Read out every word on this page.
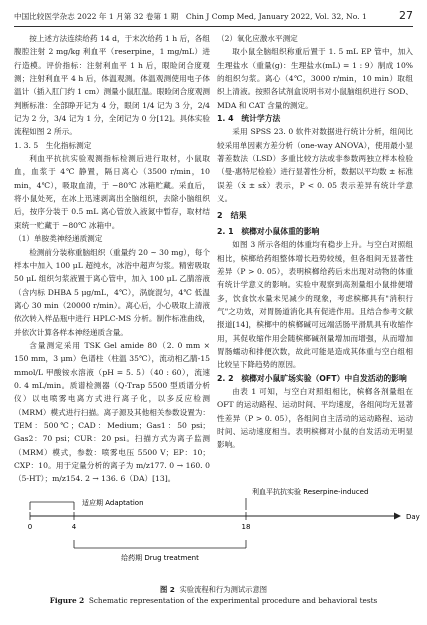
中国比较医学杂志 2022 年 1 月第 32 卷第 1 期　Chin J Comp Med, January 2022, Vol. 32, No. 1	27

按上述方法连续给药 14 d，于末次给药 1 h 后，各组腹腔注射 2 mg/kg 利血平（reserpine，1 mg/mL）进行造模。评价指标：注射利血平 1 h 后，眼睑闭合度观测；注射利血平 4 h 后，体温观测。体温观测使用电子体温计（插入肛门约 1 cm）测量小鼠肛温。眼睑闭合度观测判断标准：全部睁开记为 4 分，眼闭 1/4 记为 3 分，2/4 记为 2 分，3/4 记为 1 分，全闭记为 0 分[12]。具体实验流程如图 2 所示。

1. 3. 5　生化指标测定

利血平抗抗实验观测指标检测后进行取材，小鼠取血，血浆于 4℃ 静置，隔日离心（3500 r/min，10 min，4℃），吸取血清，于 −80℃ 冰箱贮藏。采血后，将小鼠处死，在冰上迅速剥离出全脑组织，去除小脑组织后，按序分装于 0.5 mL 离心管放入液氮中暂存，取材结束统一贮藏于 −80℃ 冰箱中。

（1）单胺类神经递质测定

检测前分装称重脑组织（重量约 20 ~ 30 mg），每个样本中加入 100 μL 超纯水，冰浴中超声匀浆。精密吸取 50 μL 组织匀浆液置于离心管中，加入 100 μL 乙腈溶液（含内标 DHBA 5 μg/mL，4℃），涡旋混匀，4℃ 低温离心 30 min（20000 r/min）。离心后，小心吸取上清液依次转入样品瓶中进行 HPLC-MS 分析。制作标准曲线，并依次计算各样本神经递质含量。

含量测定采用 TSK Gel amide 80（2. 0 mm × 150 mm，3 μm）色谱柱（柱温 35℃），流动相乙腈-15 mmol/L 甲酸铵水溶液（pH = 5. 5）（40 : 60），流速 0. 4 mL/min。质谱检测器（Q-Trap 5500 型质谱分析仪）以电喷雾电离方式进行离子化，以多反应检测（MRM）模式进行扫描。离子源及其他相关参数设置为：TEM：500℃；CAD：Medium；Gas1：50 psi；Gas2：70 psi；CUR：20 psi。扫描方式为离子监测（MRM）模式，参数：喷雾电压 5500 V；EP：10；CXP：10。用于定量分析的离子为 m/z177. 0 → 160. 0（5-HT）；m/z154. 2 → 136. 6（DA）[13]。

（2）氧化应激水平测定

取小鼠全脑组织称重后置于 1. 5 mL EP 管中，加入生理盐水（重量(g)：生理盐水(mL) = 1 : 9）制成 10% 的组织匀浆。离心（4℃，3000 r/min，10 min）取组织上清液。按照各试剂盒说明书对小鼠脑组织进行 SOD、MDA 和 CAT 含量的测定。

1. 4　统计学方法

采用 SPSS 23. 0 软件对数据进行统计分析，组间比较采用单因素方差分析（one-way ANOVA），使用最小显著差数法（LSD）多重比较方法或非参数两独立样本检验（曼-惠特尼检验）进行显著性分析，数据以平均数 ± 标准误差（x̄ ± sx̄）表示，P < 0. 05 表示差异有统计学意义。

2　结果

2. 1　槟榔对小鼠体重的影响

如图 3 所示各组的体重均有稳步上升。与空白对照组相比，槟榔给药组整体增长趋势较缓，但各组间无显著性差异（P > 0. 05），表明槟榔给药后未出现对动物的体重有统计学意义的影响。实验中观察到高剂量组小鼠排便增多，饮食饮水量未见减少的现象，考虑槟榔具有"消积行气"之功效，对胃肠道消化具有促进作用。且结合参考文献报道[14]，槟榔中的槟榔碱可远端活肠平滑肌具有收缩作用，其促收缩作用会随槟榔碱剂量增加而增强，从而增加胃肠蠕动和排便次数，故此可能是造成其体重与空白组相比较呈下降趋势的原因。

2. 2　槟榔对小鼠旷场实验（OFT）中自发活动的影响

由表 1 可知，与空白对照组相比，槟榔各剂量组在 OFT 的运动路程、运动时间、平均速度，各组间均无显著性差异（P > 0. 05），各组间自主活动的运动路程、运动时间、运动速度相当。表明槟榔对小鼠的自发活动无明显影响。

适应期 Adaptation
利血平抗抗实验 Reserpine-induced
0	4	18
Day
给药期 Drug treatment
图 2 实验流程和行为测试示意图
Figure 2 Schematic representation of the experimental procedure and behavioral tests
